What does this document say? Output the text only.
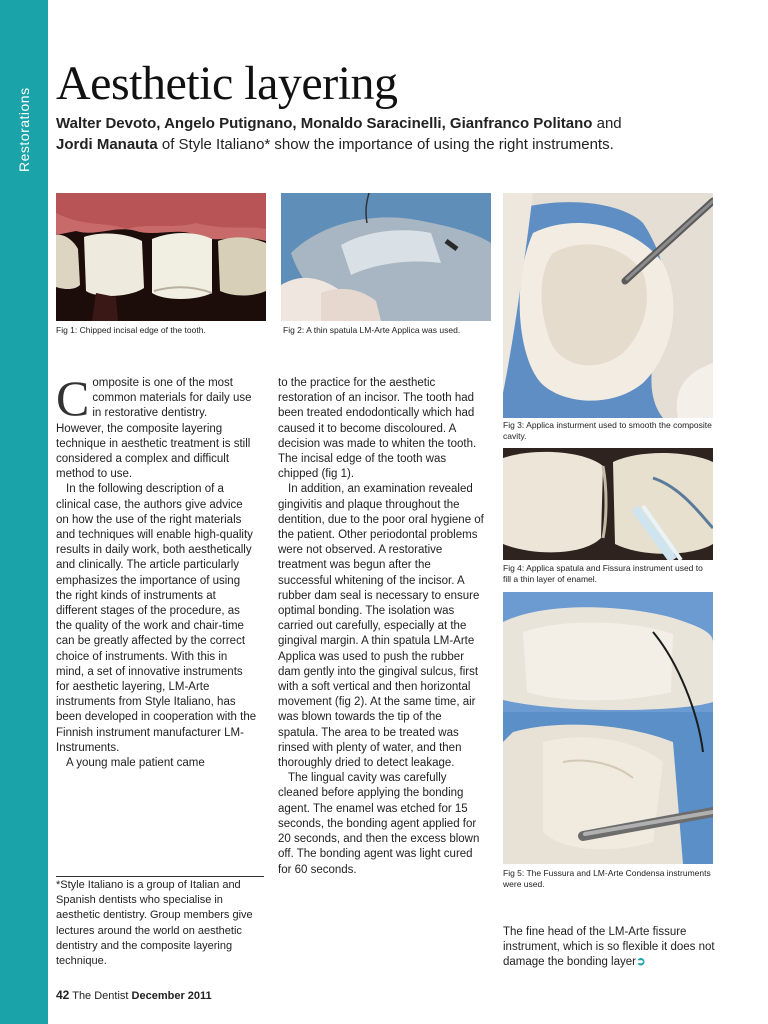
Restorations
Aesthetic layering

Walter Devoto, Angelo Putignano, Monaldo Saracinelli, Gianfranco Politano and
Jordi Manauta of Style Italiano* show the importance of using the right instruments.

Fig 1: Chipped incisal edge of the tooth.	Fig 2: A thin spatula LM-Arte Applica was used.

Fig 3: Applica insturment used to smooth the composite cavity.

Fig 4: Applica spatula and Fissura instrument used to fill a thin layer of enamel.

Fig 5: The Fussura and LM-Arte Condensa instruments were used.

Composite is one of the most common materials for daily use in restorative dentistry. However, the composite layering technique in aesthetic treatment is still considered a complex and difficult method to use.

In the following description of a clinical case, the authors give advice on how the use of the right materials and techniques will enable high-quality results in daily work, both aesthetically and clinically. The article particularly emphasizes the importance of using the right kinds of instruments at different stages of the procedure, as the quality of the work and chair-time can be greatly affected by the correct choice of instruments. With this in mind, a set of innovative instruments for aesthetic layering, LM-Arte instruments from Style Italiano, has been developed in cooperation with the Finnish instrument manufacturer LM-Instruments.

A young male patient came

*Style Italiano is a group of Italian and Spanish dentists who specialise in aesthetic dentistry. Group members give lectures around the world on aesthetic dentistry and the composite layering technique.

to the practice for the aesthetic restoration of an incisor. The tooth had been treated endodontically which had caused it to become discoloured. A decision was made to whiten the tooth. The incisal edge of the tooth was chipped (fig 1).

In addition, an examination revealed gingivitis and plaque throughout the dentition, due to the poor oral hygiene of the patient. Other periodontal problems were not observed. A restorative treatment was begun after the successful whitening of the incisor. A rubber dam seal is necessary to ensure optimal bonding. The isolation was carried out carefully, especially at the gingival margin. A thin spatula LM-Arte Applica was used to push the rubber dam gently into the gingival sulcus, first with a soft vertical and then horizontal movement (fig 2). At the same time, air was blown towards the tip of the spatula. The area to be treated was rinsed with plenty of water, and then thoroughly dried to detect leakage.

The lingual cavity was carefully cleaned before applying the bonding agent. The enamel was etched for 15 seconds, the bonding agent applied for 20 seconds, and then the excess blown off. The bonding agent was light cured for 60 seconds.

The fine head of the LM-Arte fissure instrument, which is so flexible it does not damage the bonding layer➲

42 The Dentist December 2011
